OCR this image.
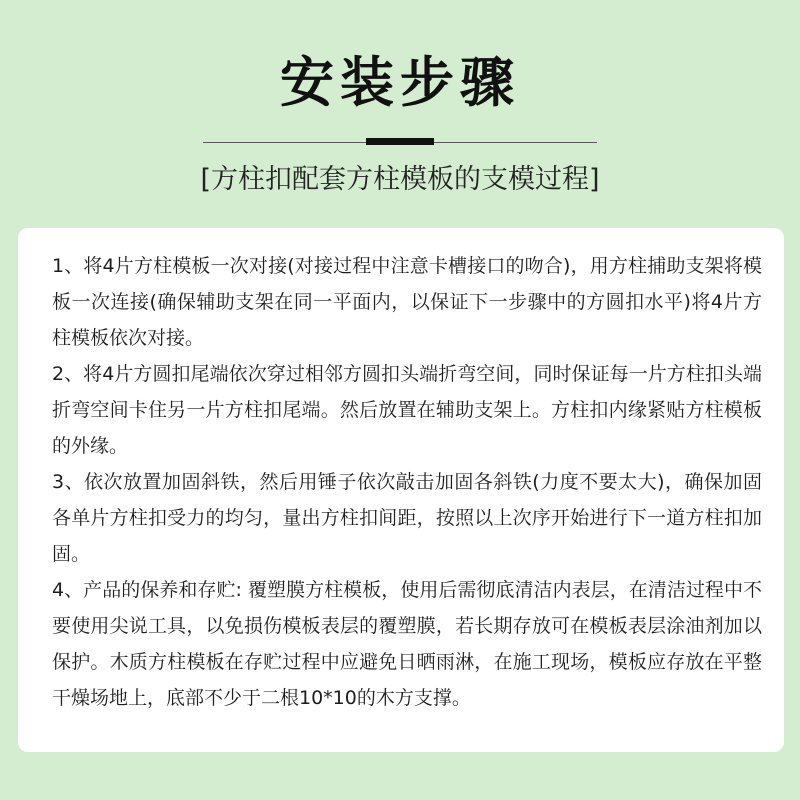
安装步骤
[方柱扣配套方柱模板的支模过程]

1、将4片方柱模板一次对接(对接过程中注意卡槽接口的吻合)，用方柱捕助支架将模板一次连接(确保辅助支架在同一平面内，以保证下一步骤中的方圆扣水平)将4片方柱模板依次对接。

2、将4片方圆扣尾端依次穿过相邻方圆扣头端折弯空间，同时保证每一片方柱扣头端折弯空间卡住另一片方柱扣尾端。然后放置在辅助支架上。方柱扣内缘紧贴方柱模板的外缘。

3、依次放置加固斜铁，然后用锤子依次敲击加固各斜铁(力度不要太大)，确保加固各单片方柱扣受力的均匀，量出方柱扣间距，按照以上次序开始进行下一道方柱扣加固。

4、产品的保养和存贮: 覆塑膜方柱模板，使用后需彻底清洁内表层，在清洁过程中不要使用尖说工具，以免损伤模板表层的覆塑膜，若长期存放可在模板表层涂油剂加以保护。木质方柱模板在存贮过程中应避免日晒雨淋，在施工现场，模板应存放在平整干燥场地上，底部不少于二根10*10的木方支撑。
